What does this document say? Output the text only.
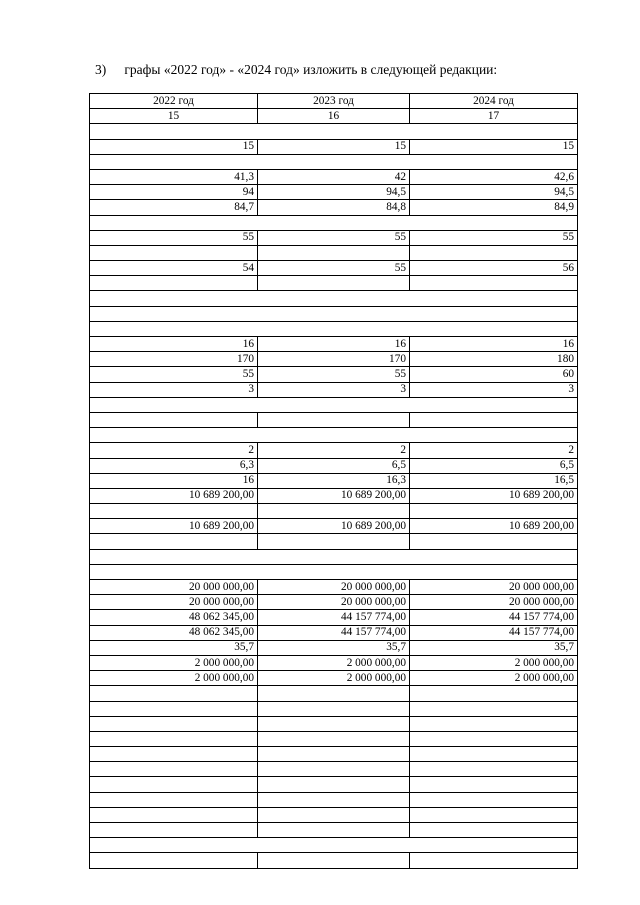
3) графы «2022 год» - «2024 год» изложить в следующей редакции:
2022 год	2023 год	2024 год
15	16	17

15	15	15

41,3	42	42,6
94	94,5	94,5
84,7	84,8	84,9

55	55	55

54	55	56

16	16	16
170	170	180
55	55	60
3	3	3

2	2	2
6,3	6,5	6,5
16	16,3	16,5
10 689 200,00	10 689 200,00	10 689 200,00

10 689 200,00	10 689 200,00	10 689 200,00

20 000 000,00	20 000 000,00	20 000 000,00
20 000 000,00	20 000 000,00	20 000 000,00
48 062 345,00	44 157 774,00	44 157 774,00
48 062 345,00	44 157 774,00	44 157 774,00
35,7	35,7	35,7
2 000 000,00	2 000 000,00	2 000 000,00
2 000 000,00	2 000 000,00	2 000 000,00
